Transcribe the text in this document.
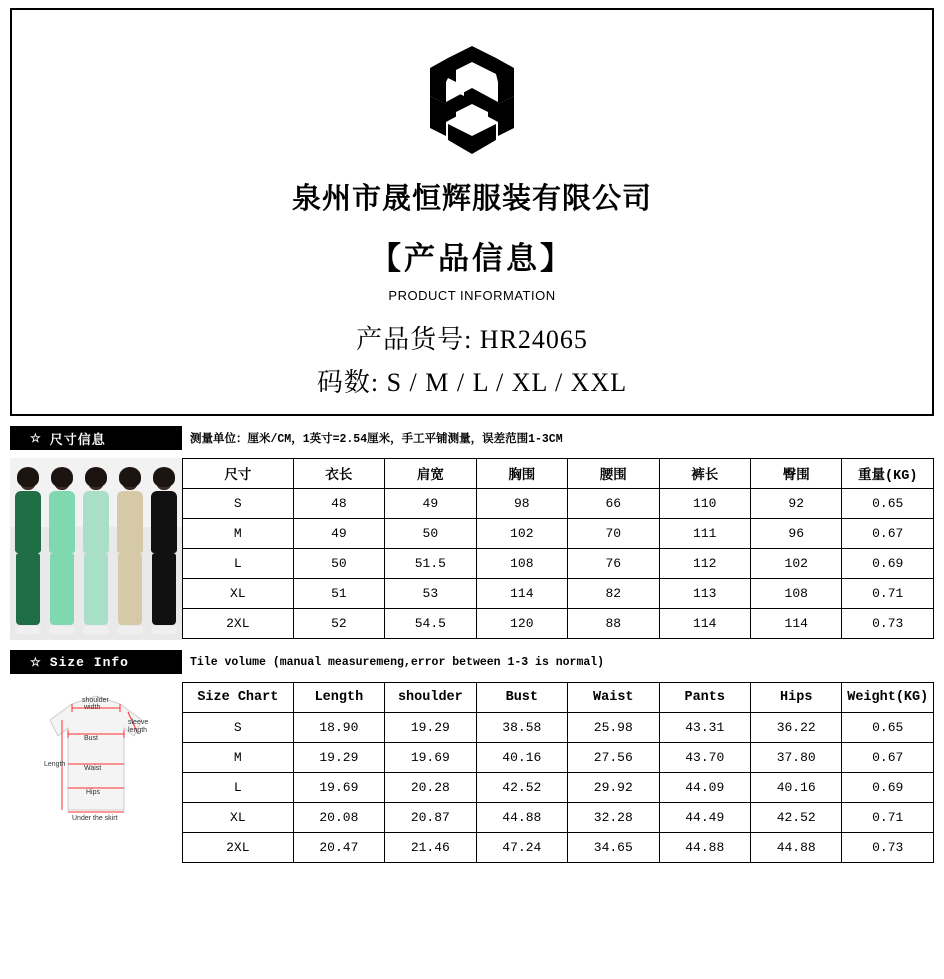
泉州市晟恒辉服装有限公司
【产品信息】
PRODUCT INFORMATION
产品货号: HR24065
码数: S / M / L / XL / XXL
☆ 尺寸信息	测量单位：厘米/CM，1英寸=2.54厘米，手工平铺测量，误差范围1-3CM
尺寸	衣长	肩宽	胸围	腰围	裤长	臀围	重量(KG)
S	48	49	98	66	110	92	0.65
M	49	50	102	70	111	96	0.67
L	50	51.5	108	76	112	102	0.69
XL	51	53	114	82	113	108	0.71
2XL	52	54.5	120	88	114	114	0.73
☆ Size Info	Tile volume (manual measuremeng,error between 1-3 is normal)
shoulder
width
sleeve
length
Bust
Length
Waist
Hips
Under the skirt
Size Chart	Length	shoulder	Bust	Waist	Pants	Hips	Weight(KG)
S	18.90	19.29	38.58	25.98	43.31	36.22	0.65
M	19.29	19.69	40.16	27.56	43.70	37.80	0.67
L	19.69	20.28	42.52	29.92	44.09	40.16	0.69
XL	20.08	20.87	44.88	32.28	44.49	42.52	0.71
2XL	20.47	21.46	47.24	34.65	44.88	44.88	0.73
